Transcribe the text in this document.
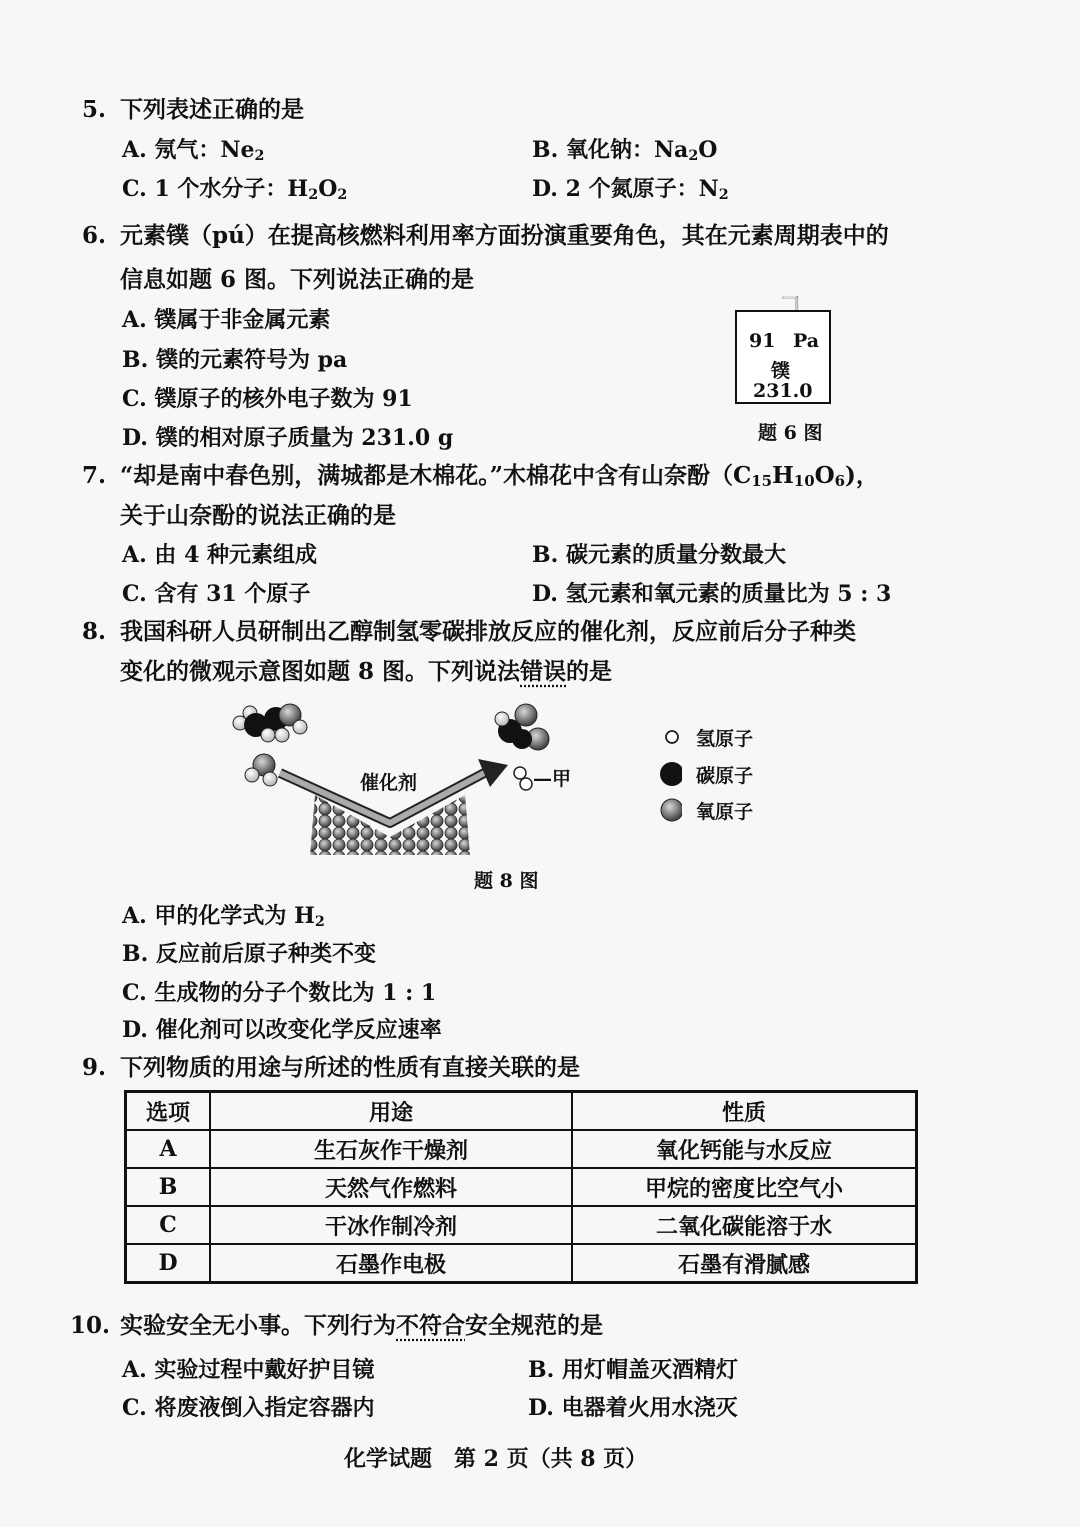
5. 下列表述正确的是
A. 氖气：$Ne_2$	B. 氧化钠：$Na_2O$
C. 1 个水分子：$H_2O_2$	D. 2 个氮原子：$N_2$
6. 元素镤（pú）在提高核燃料利用率方面扮演重要角色，其在元素周期表中的
信息如题 6 图。下列说法正确的是
A. 镤属于非金属元素
B. 镤的元素符号为 pa
C. 镤原子的核外电子数为 91
D. 镤的相对原子质量为 231.0 g
91 Pa
镤
231.0
题 6 图
7. “却是南中春色别，满城都是木棉花。”木棉花中含有山奈酚$(C_{15}H_{10}O_6)$，
关于山奈酚的说法正确的是
A. 由 4 种元素组成	B. 碳元素的质量分数最大
C. 含有 31 个原子	D. 氢元素和氧元素的质量比为 5 : 3
8. 我国科研人员研制出乙醇制氢零碳排放反应的催化剂，反应前后分子种类
变化的微观示意图如题 8 图。下列说法错误的是
催化剂	—甲
氢原子
碳原子
氧原子
题 8 图
A. 甲的化学式为 $H_2$
B. 反应前后原子种类不变
C. 生成物的分子个数比为 1 : 1
D. 催化剂可以改变化学反应速率
9. 下列物质的用途与所述的性质有直接关联的是
选项	用途	性质
A	生石灰作干燥剂	氧化钙能与水反应
B	天然气作燃料	甲烷的密度比空气小
C	干冰作制冷剂	二氧化碳能溶于水
D	石墨作电极	石墨有滑腻感
10. 实验安全无小事。下列行为不符合安全规范的是
A. 实验过程中戴好护目镜	B. 用灯帽盖灭酒精灯
C. 将废液倒入指定容器内	D. 电器着火用水浇灭
化学试题　第 2 页（共 8 页）
